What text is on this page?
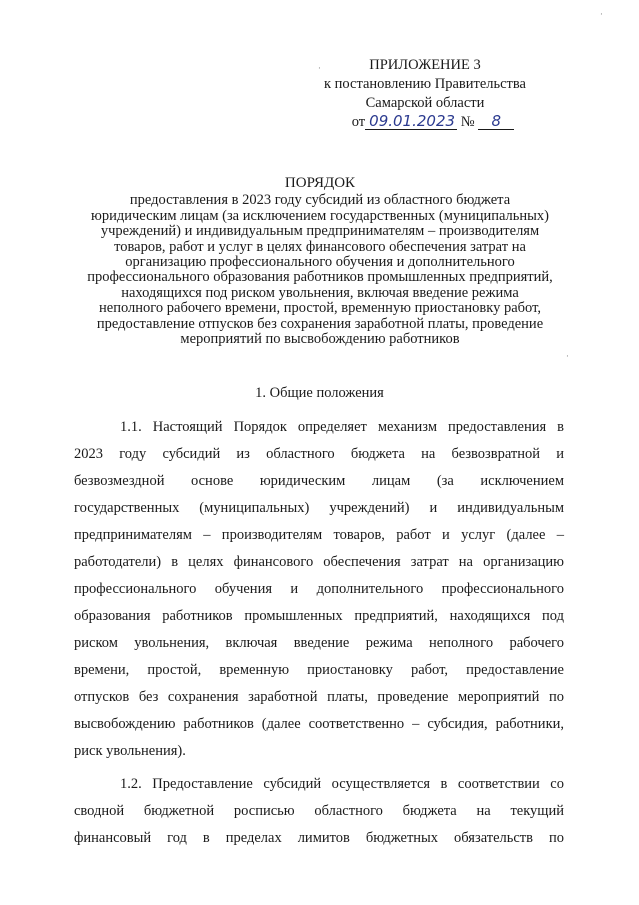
ПРИЛОЖЕНИЕ 3
к постановлению Правительства
Самарской области
от 09.01.2023 № 8
ПОРЯДОК
предоставления в 2023 году субсидий из областного бюджета
юридическим лицам (за исключением государственных (муниципальных)
учреждений) и индивидуальным предпринимателям – производителям
товаров, работ и услуг в целях финансового обеспечения затрат на
организацию профессионального обучения и дополнительного
профессионального образования работников промышленных предприятий,
находящихся под риском увольнения, включая введение режима
неполного рабочего времени, простой, временную приостановку работ,
предоставление отпусков без сохранения заработной платы, проведение
мероприятий по высвобождению работников
1. Общие положения
1.1. Настоящий Порядок определяет механизм предоставления в
2023 году субсидий из областного бюджета на безвозвратной и
безвозмездной основе юридическим лицам (за исключением
государственных (муниципальных) учреждений) и индивидуальным
предпринимателям – производителям товаров, работ и услуг (далее –
работодатели) в целях финансового обеспечения затрат на организацию
профессионального обучения и дополнительного профессионального
образования работников промышленных предприятий, находящихся под
риском увольнения, включая введение режима неполного рабочего
времени, простой, временную приостановку работ, предоставление
отпусков без сохранения заработной платы, проведение мероприятий по
высвобождению работников (далее соответственно – субсидия, работники,
риск увольнения).
1.2. Предоставление субсидий осуществляется в соответствии со
сводной бюджетной росписью областного бюджета на текущий
финансовый год в пределах лимитов бюджетных обязательств по
·
·
·
